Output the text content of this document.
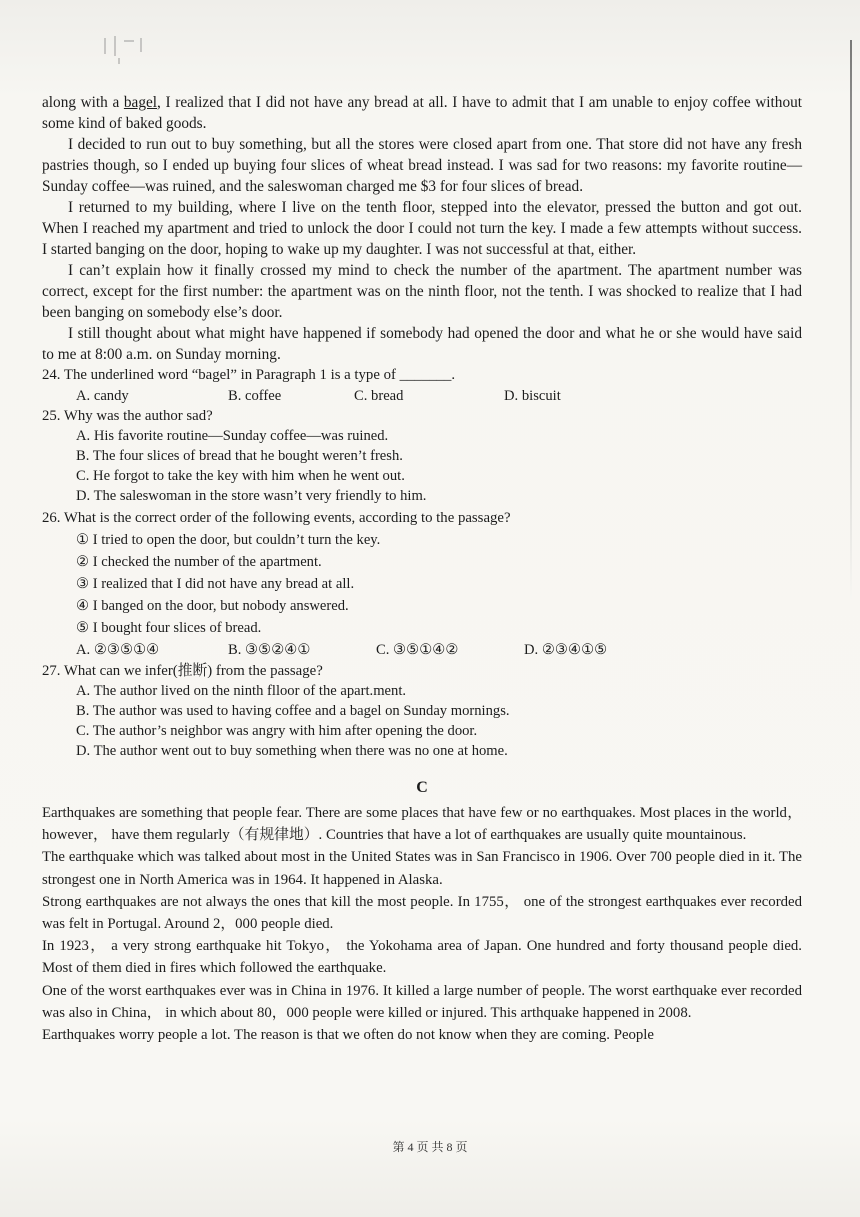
along with a bagel, I realized that I did not have any bread at all. I have to admit that I am unable to enjoy coffee without some kind of baked goods.

I decided to run out to buy something, but all the stores were closed apart from one. That store did not have any fresh pastries though, so I ended up buying four slices of wheat bread instead. I was sad for two reasons: my favorite routine— Sunday coffee—was ruined, and the saleswoman charged me $3 for four slices of bread.

I returned to my building, where I live on the tenth floor, stepped into the elevator, pressed the button and got out. When I reached my apartment and tried to unlock the door I could not turn the key. I made a few attempts without success. I started banging on the door, hoping to wake up my daughter. I was not successful at that, either.

I can’t explain how it finally crossed my mind to check the number of the apartment. The apartment number was correct, except for the first number: the apartment was on the ninth floor, not the tenth. I was shocked to realize that I had been banging on somebody else’s door.

I still thought about what might have happened if somebody had opened the door and what he or she would have said to me at 8:00 a.m. on Sunday morning.

24. The underlined word “bagel” in Paragraph 1 is a type of _______.

A. candy	B. coffee	C. bread	D. biscuit

25. Why was the author sad?

A. His favorite routine—Sunday coffee—was ruined.

B. The four slices of bread that he bought weren’t fresh.

C. He forgot to take the key with him when he went out.

D. The saleswoman in the store wasn’t very friendly to him.

26. What is the correct order of the following events, according to the passage?

① I tried to open the door, but couldn’t turn the key.

② I checked the number of the apartment.

③ I realized that I did not have any bread at all.

④ I banged on the door, but nobody answered.

⑤ I bought four slices of bread.

A. ②③⑤①④	B. ③⑤②④①	C. ③⑤①④②	D. ②③④①⑤

27. What can we infer(推断) from the passage?

A. The author lived on the ninth flloor of the apart.ment.

B. The author was used to having coffee and a bagel on Sunday mornings.

C. The author’s neighbor was angry with him after opening the door.

D. The author went out to buy something when there was no one at home.

C

Earthquakes are something that people fear. There are some places that have few or no earthquakes. Most places in the world， however， have them regularly（有规律地）. Countries that have a lot of earthquakes are usually quite mountainous.

The earthquake which was talked about most in the United States was in San Francisco in 1906. Over 700 people died in it. The strongest one in North America was in 1964. It happened in Alaska.

Strong earthquakes are not always the ones that kill the most people. In 1755， one of the strongest earthquakes ever recorded was felt in Portugal. Around 2，000 people died.

In 1923， a very strong earthquake hit Tokyo， the Yokohama area of Japan. One hundred and forty thousand people died. Most of them died in fires which followed the earthquake.

One of the worst earthquakes ever was in China in 1976. It killed a large number of people. The worst earthquake ever recorded was also in China， in which about 80，000 people were killed or injured. This arthquake happened in 2008.

Earthquakes worry people a lot. The reason is that we often do not know when they are coming. People

第 4 页 共 8 页
